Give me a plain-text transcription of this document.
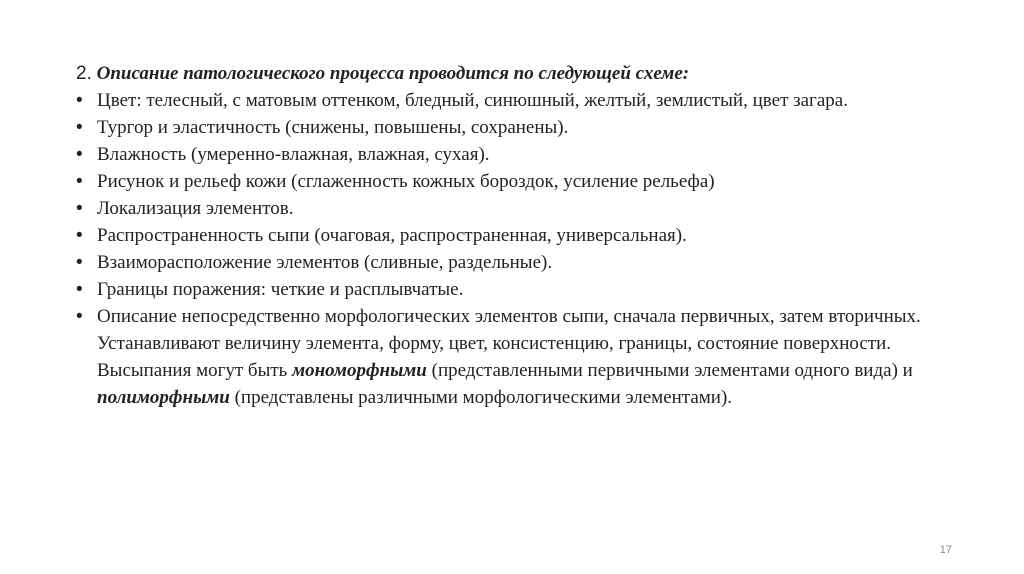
2. Описание патологического процесса проводится по следующей схеме:

• Цвет: телесный, с матовым оттенком, бледный, синюшный, желтый, землистый, цвет загара.
• Тургор и эластичность (снижены, повышены, сохранены).
• Влажность (умеренно-влажная, влажная, сухая).
• Рисунок и рельеф кожи (сглаженность кожных бороздок, усиление рельефа)
• Локализация элементов.
• Распространенность сыпи (очаговая, распространенная, универсальная).
• Взаиморасположение элементов (сливные, раздельные).
• Границы поражения: четкие и расплывчатые.
• Описание непосредственно морфологических элементов сыпи, сначала первичных, затем вторичных. Устанавливают величину элемента, форму, цвет, консистенцию, границы, состояние поверхности. Высыпания могут быть мономорфными (представленными первичными элементами одного вида) и полиморфными (представлены различными морфологическими элементами).
17
